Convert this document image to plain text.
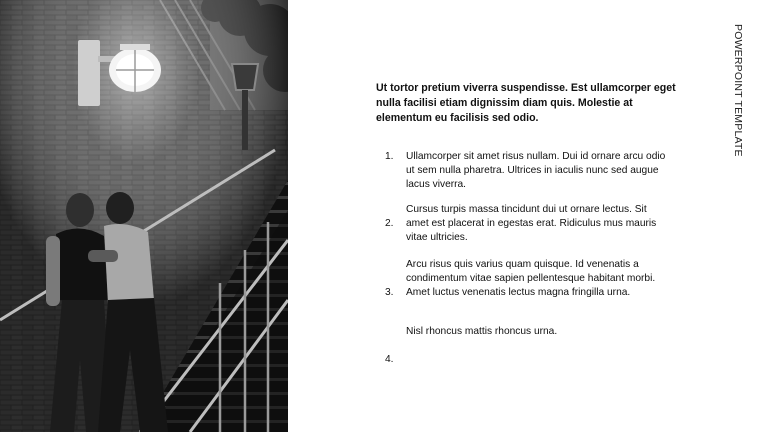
POWERPOINT TEMPLATE
Ut tortor pretium viverra suspendisse. Est ullamcorper eget nulla facilisi etiam dignissim diam quis. Molestie at elementum eu facilisis sed odio.
1.
2.
3.
4.
Ullamcorper sit amet risus nullam. Dui id ornare arcu odio ut sem nulla pharetra. Ultrices in iaculis nunc sed augue lacus viverra.
Cursus turpis massa tincidunt dui ut ornare lectus. Sit amet est placerat in egestas erat. Ridiculus mus mauris vitae ultricies.
Arcu risus quis varius quam quisque. Id venenatis a condimentum vitae sapien pellentesque habitant morbi. Amet luctus venenatis lectus magna fringilla urna.
Nisl rhoncus mattis rhoncus urna.
